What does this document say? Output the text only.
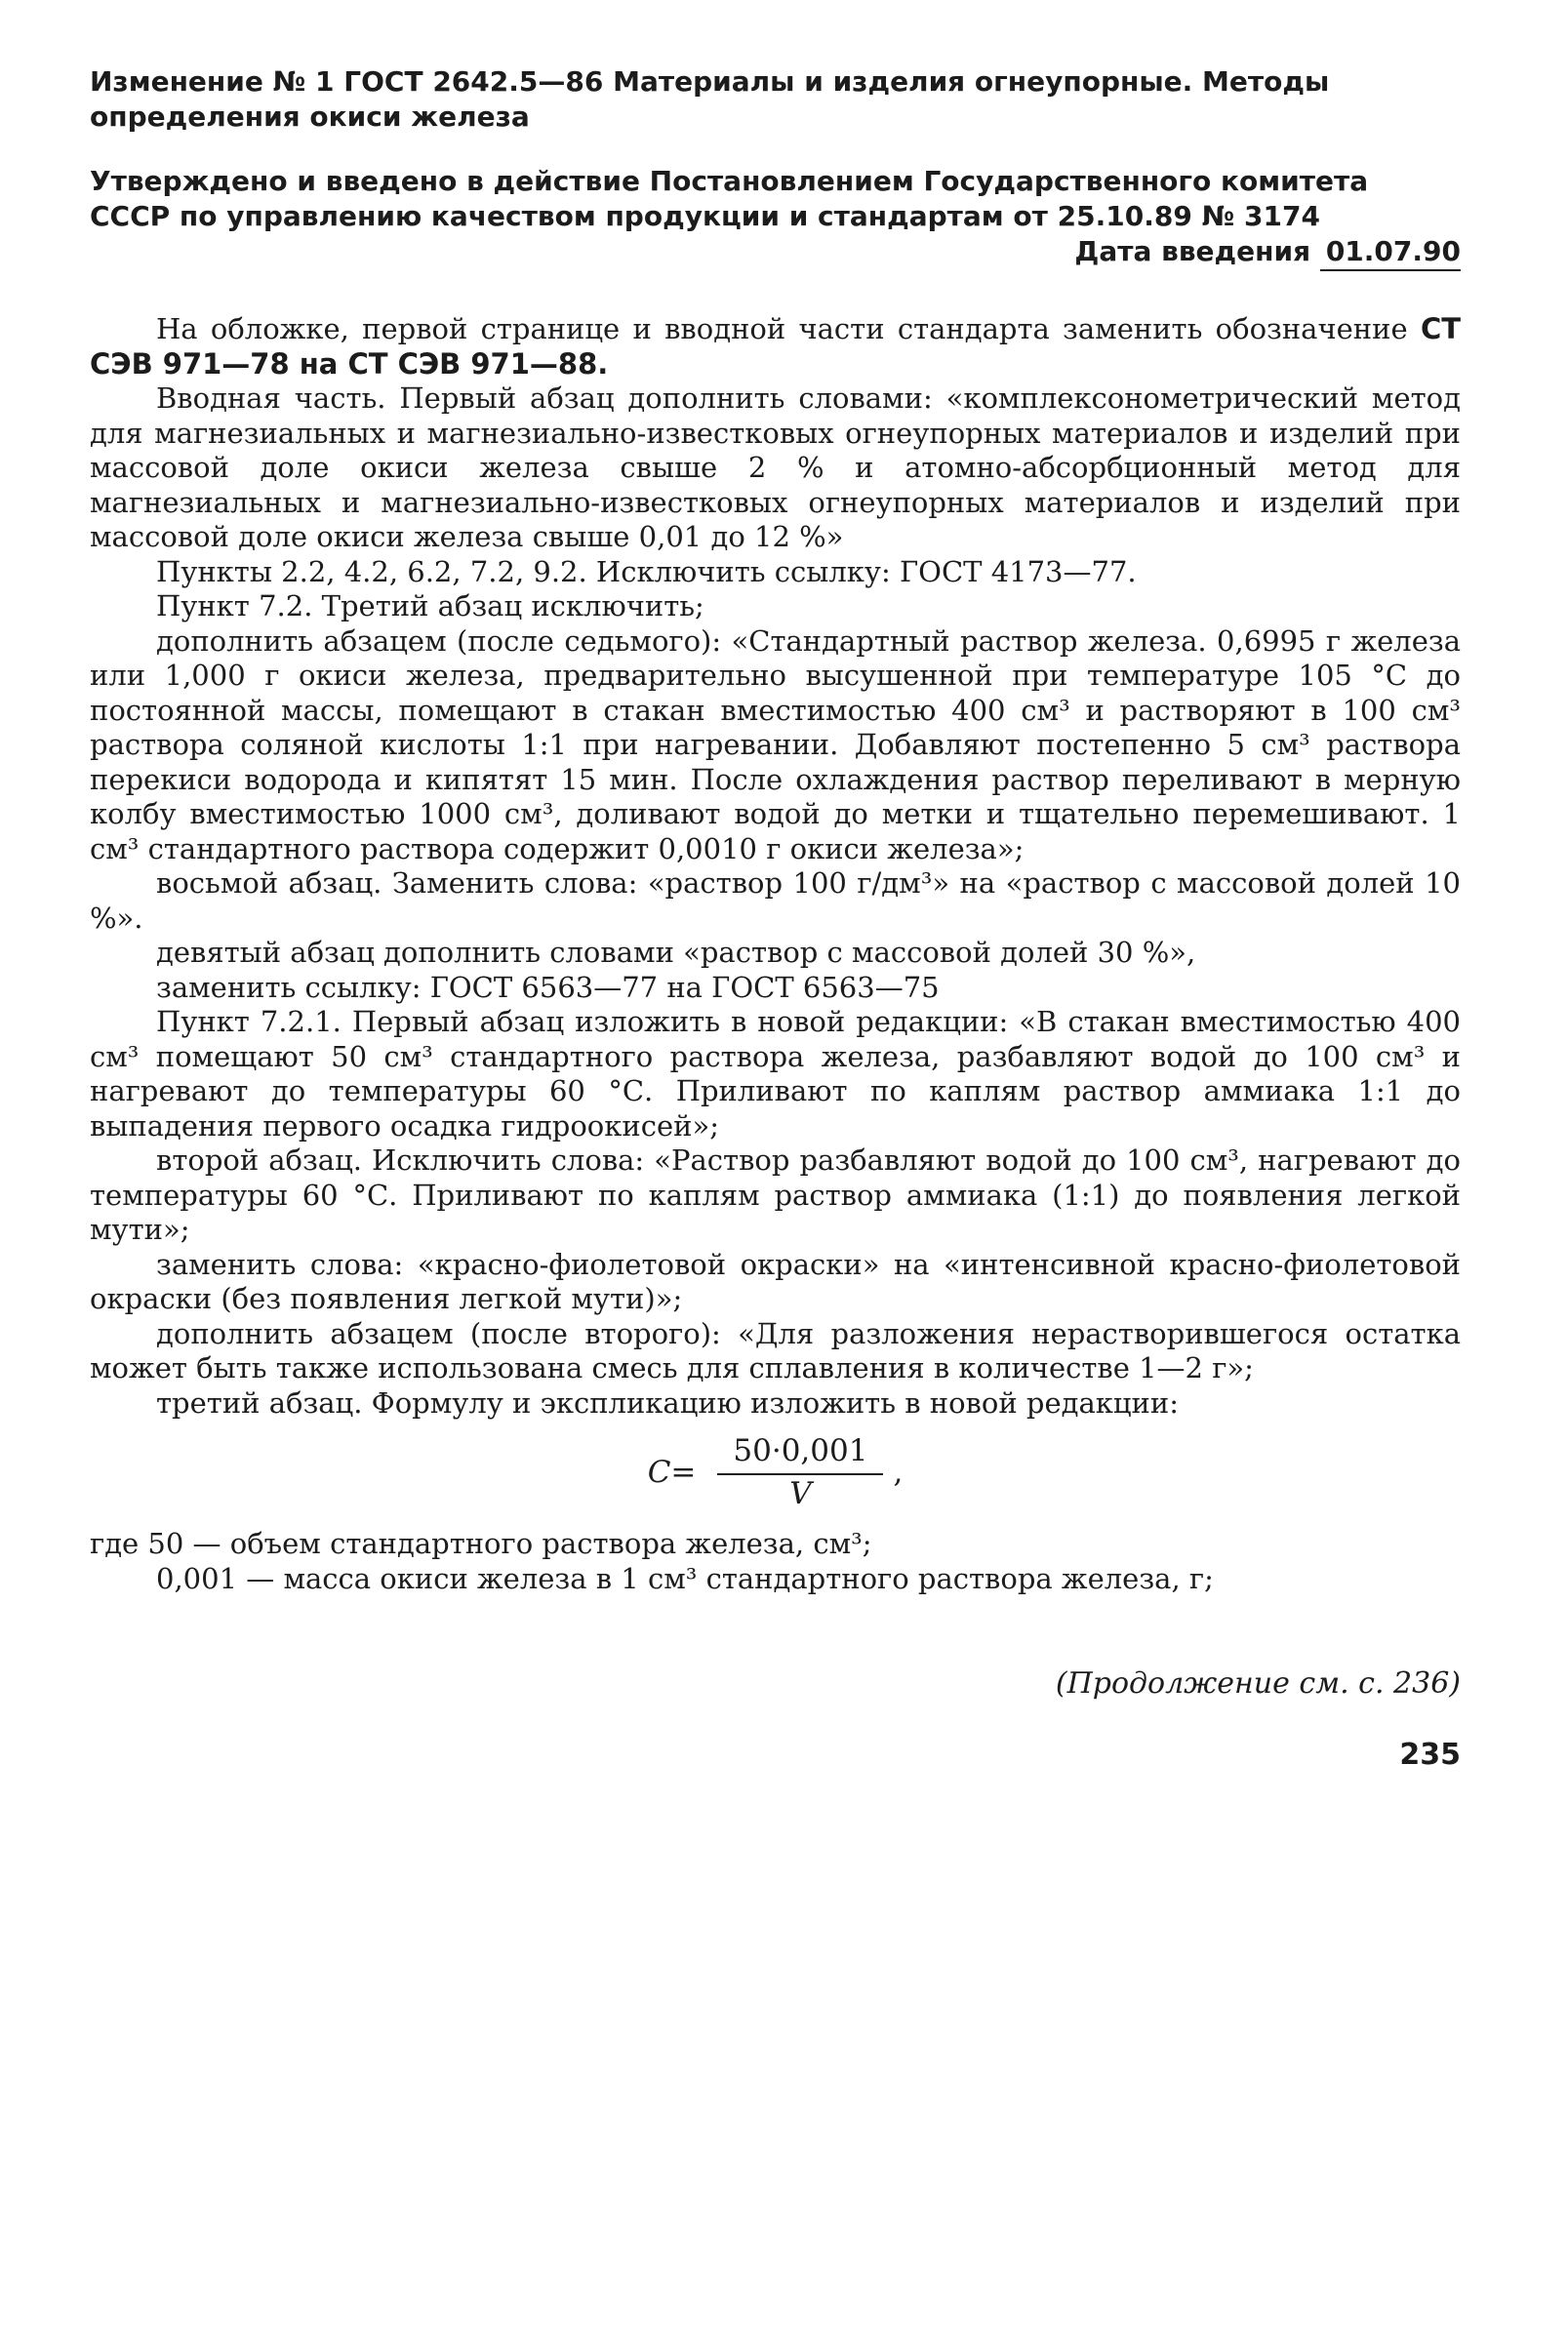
Изменение № 1 ГОСТ 2642.5—86 Материалы и изделия огнеупорные. Методы
определения окиси железа
Утверждено и введено в действие Постановлением Государственного комитета
СССР по управлению качеством продукции и стандартам от 25.10.89 № 3174
Дата введения 01.07.90

На обложке, первой странице и вводной части стандарта заменить обозначение СТ СЭВ 971—78 на СТ СЭВ 971—88.

Вводная часть. Первый абзац дополнить словами: «комплексонометрический метод для магнезиальных и магнезиально-известковых огнеупорных материалов и изделий при массовой доле окиси железа свыше 2 % и атомно-абсорбционный метод для магнезиальных и магнезиально-известковых огнеупорных материалов и изделий при массовой доле окиси железа свыше 0,01 до 12 %»

Пункты 2.2, 4.2, 6.2, 7.2, 9.2. Исключить ссылку: ГОСТ 4173—77.

Пункт 7.2. Третий абзац исключить;

дополнить абзацем (после седьмого): «Стандартный раствор железа. 0,6995 г железа или 1,000 г окиси железа, предварительно высушенной при температуре 105 °С до постоянной массы, помещают в стакан вместимостью 400 см³ и растворяют в 100 см³ раствора соляной кислоты 1:1 при нагревании. Добавляют постепенно 5 см³ раствора перекиси водорода и кипятят 15 мин. После охлаждения раствор переливают в мерную колбу вместимостью 1000 см³, доливают водой до метки и тщательно перемешивают. 1 см³ стандартного раствора содержит 0,0010 г окиси железа»;

восьмой абзац. Заменить слова: «раствор 100 г/дм³» на «раствор с массовой долей 10 %».

девятый абзац дополнить словами «раствор с массовой долей 30 %»,

заменить ссылку: ГОСТ 6563—77 на ГОСТ 6563—75

Пункт 7.2.1. Первый абзац изложить в новой редакции: «В стакан вместимостью 400 см³ помещают 50 см³ стандартного раствора железа, разбавляют водой до 100 см³ и нагревают до температуры 60 °С. Приливают по каплям раствор аммиака 1:1 до выпадения первого осадка гидроокисей»;

второй абзац. Исключить слова: «Раствор разбавляют водой до 100 см³, нагревают до температуры 60 °С. Приливают по каплям раствор аммиака (1:1) до появления легкой мути»;

заменить слова: «красно-фиолетовой окраски» на «интенсивной красно-фиолетовой окраски (без появления легкой мути)»;

дополнить абзацем (после второго): «Для разложения нерастворившегося остатка может быть также использована смесь для сплавления в количестве 1—2 г»;

третий абзац. Формулу и экспликацию изложить в новой редакции:

$С= \frac{50\cdot 0,001}{V}$ ,

где 50 — объем стандартного раствора железа, см³;

0,001 — масса окиси железа в 1 см³ стандартного раствора железа, г;

(Продолжение см. с. 236)
235
